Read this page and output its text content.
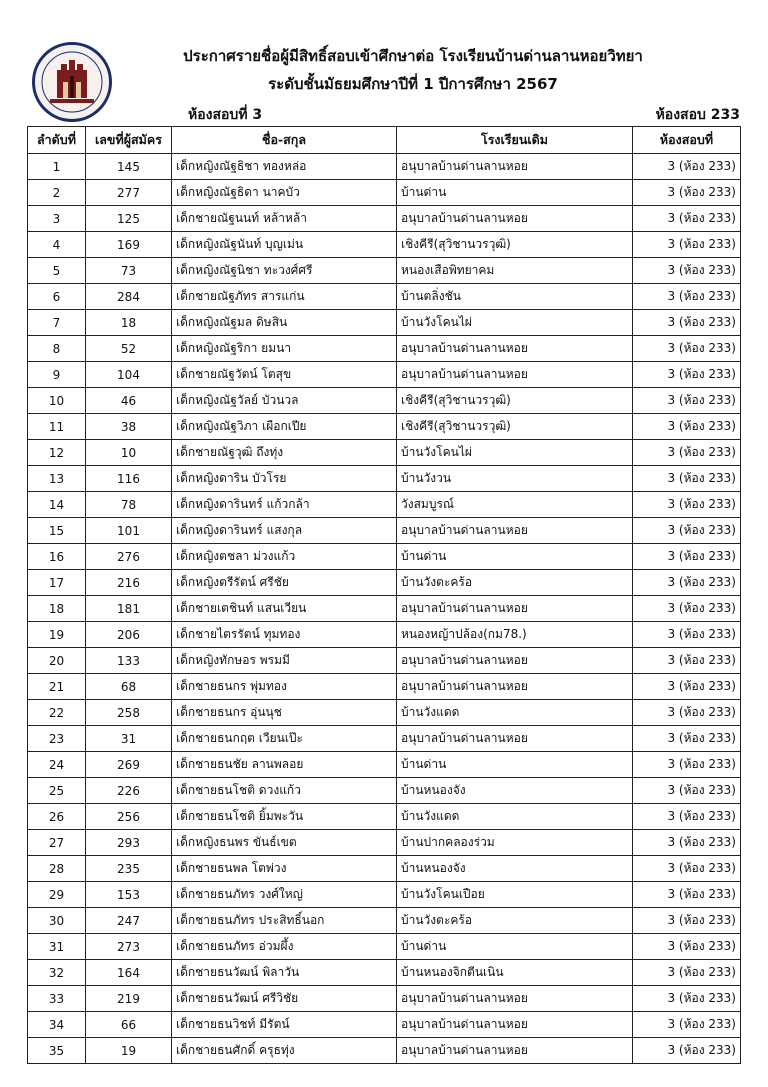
ประกาศรายชื่อผู้มีสิทธิ์สอบเข้าศึกษาต่อ โรงเรียนบ้านด่านลานหอยวิทยา
ระดับชั้นมัธยมศึกษาปีที่ 1 ปีการศึกษา 2567
ห้องสอบที่ 3	ห้องสอบ 233
ลำดับที่	เลขที่ผู้สมัคร	ชื่อ-สกุล	โรงเรียนเดิม	ห้องสอบที่
1	145	เด็กหญิงณัฐธิชา ทองหล่อ	อนุบาลบ้านด่านลานหอย	3 (ห้อง 233)
2	277	เด็กหญิงณัฐธิดา นาคบัว	บ้านด่าน	3 (ห้อง 233)
3	125	เด็กชายณัฐนนท์ หล้าหล้า	อนุบาลบ้านด่านลานหอย	3 (ห้อง 233)
4	169	เด็กหญิงณัฐนันท์ บุญเม่น	เชิงคีรี(สุวิชานวรวุฒิ)	3 (ห้อง 233)
5	73	เด็กหญิงณัฐนิชา ทะวงศ์ศรี	หนองเสือพิทยาคม	3 (ห้อง 233)
6	284	เด็กชายณัฐภัทร สารแก่น	บ้านตลิ่งชัน	3 (ห้อง 233)
7	18	เด็กหญิงณัฐมล ดิษสิน	บ้านวังโคนไผ่	3 (ห้อง 233)
8	52	เด็กหญิงณัฐริกา ยมนา	อนุบาลบ้านด่านลานหอย	3 (ห้อง 233)
9	104	เด็กชายณัฐวัตน์ โตสุข	อนุบาลบ้านด่านลานหอย	3 (ห้อง 233)
10	46	เด็กหญิงณัฐวัลย์ บัวนวล	เชิงคีรี(สุวิชานวรวุฒิ)	3 (ห้อง 233)
11	38	เด็กหญิงณัฐวิภา เผือกเปีย	เชิงคีรี(สุวิชานวรวุฒิ)	3 (ห้อง 233)
12	10	เด็กชายณัฐวุฒิ ถึงทุ่ง	บ้านวังโคนไผ่	3 (ห้อง 233)
13	116	เด็กหญิงดาริน บัวโรย	บ้านวังวน	3 (ห้อง 233)
14	78	เด็กหญิงดารินทร์ แก้วกล้า	วังสมบูรณ์	3 (ห้อง 233)
15	101	เด็กหญิงดารินทร์ แสงกุล	อนุบาลบ้านด่านลานหอย	3 (ห้อง 233)
16	276	เด็กหญิงตชลา ม่วงแก้ว	บ้านด่าน	3 (ห้อง 233)
17	216	เด็กหญิงตรีรัตน์ ศรีชัย	บ้านวังตะคร้อ	3 (ห้อง 233)
18	181	เด็กชายเตชินท์ แสนเวียน	อนุบาลบ้านด่านลานหอย	3 (ห้อง 233)
19	206	เด็กชายไตรรัตน์ ทุมทอง	หนองหญ้าปล้อง(กม78.)	3 (ห้อง 233)
20	133	เด็กหญิงทักษอร พรมมี	อนุบาลบ้านด่านลานหอย	3 (ห้อง 233)
21	68	เด็กชายธนกร พุ่มทอง	อนุบาลบ้านด่านลานหอย	3 (ห้อง 233)
22	258	เด็กชายธนกร อุ่นนุช	บ้านวังแดด	3 (ห้อง 233)
23	31	เด็กชายธนกฤต เวียนเป๊ะ	อนุบาลบ้านด่านลานหอย	3 (ห้อง 233)
24	269	เด็กชายธนชัย ลานพลอย	บ้านด่าน	3 (ห้อง 233)
25	226	เด็กชายธนโชติ ดวงแก้ว	บ้านหนองจัง	3 (ห้อง 233)
26	256	เด็กชายธนโชติ ยิ้มพะวัน	บ้านวังแดด	3 (ห้อง 233)
27	293	เด็กหญิงธนพร ขันธ์เขต	บ้านปากคลองร่วม	3 (ห้อง 233)
28	235	เด็กชายธนพล โตพ่วง	บ้านหนองจัง	3 (ห้อง 233)
29	153	เด็กชายธนภัทร วงศ์ใหญ่	บ้านวังโคนเปือย	3 (ห้อง 233)
30	247	เด็กชายธนภัทร ประสิทธิ์นอก	บ้านวังตะคร้อ	3 (ห้อง 233)
31	273	เด็กชายธนภัทร อ่วมผึ้ง	บ้านด่าน	3 (ห้อง 233)
32	164	เด็กชายธนวัฒน์ พิลาวัน	บ้านหนองจิกตีนเนิน	3 (ห้อง 233)
33	219	เด็กชายธนวัฒน์ ศรีวิชัย	อนุบาลบ้านด่านลานหอย	3 (ห้อง 233)
34	66	เด็กชายธนวิชท์ มีรัตน์	อนุบาลบ้านด่านลานหอย	3 (ห้อง 233)
35	19	เด็กชายธนศักดิ์ ครุธทุ่ง	อนุบาลบ้านด่านลานหอย	3 (ห้อง 233)
